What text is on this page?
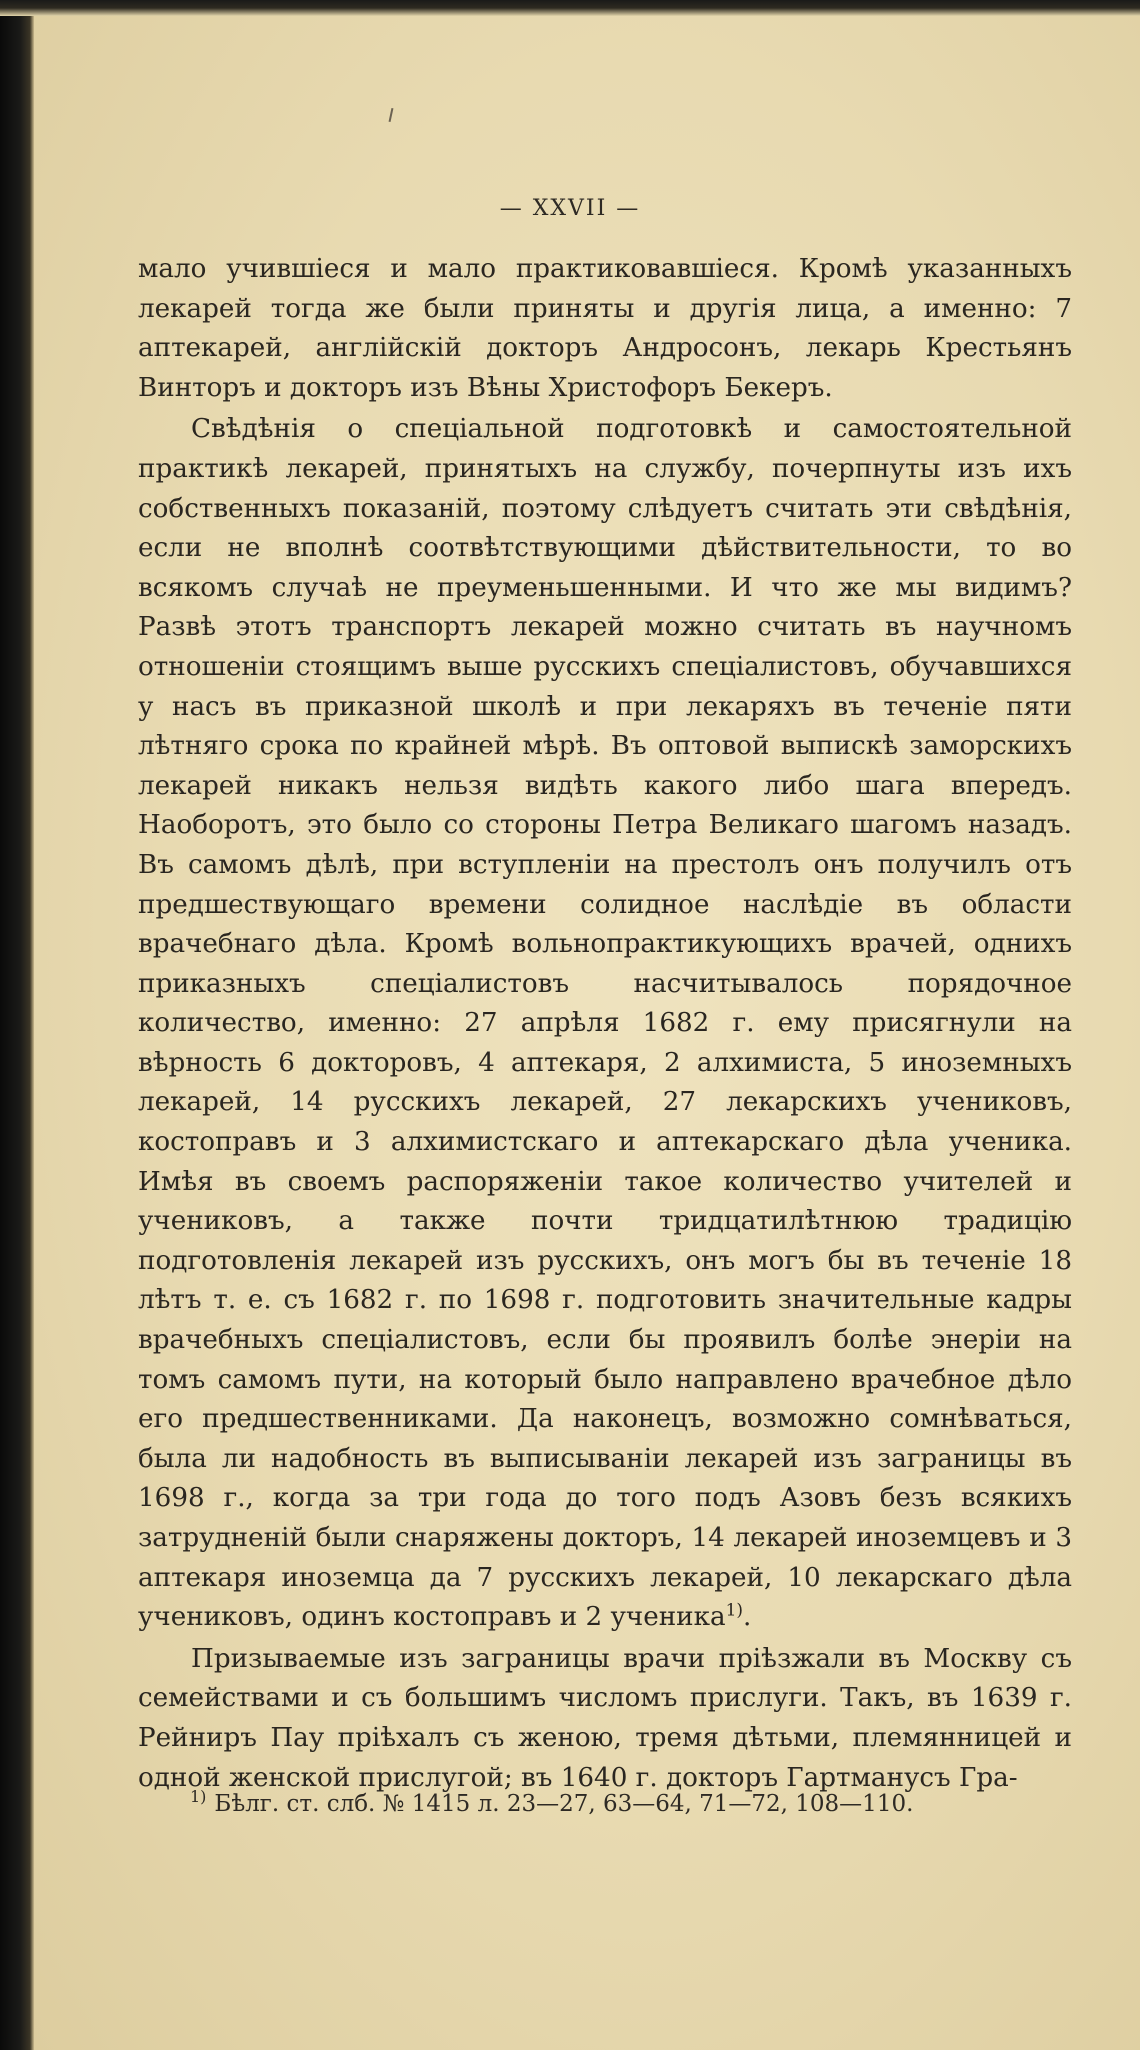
— XXVII —

мало учившіеся и мало практиковавшіеся. Кромѣ указанныхъ лекарей тогда же были приняты и другія лица, а именно: 7 аптекарей, англійскій докторъ Андросонъ, лекарь Крестьянъ Винторъ и докторъ изъ Вѣны Христофоръ Бекеръ.

Свѣдѣнія о спеціальной подготовкѣ и самостоятельной практикѣ лекарей, принятыхъ на службу, почерпнуты изъ ихъ собственныхъ показаній, поэтому слѣдуетъ считать эти свѣдѣнія, если не вполнѣ соотвѣтствующими дѣйствительности, то во всякомъ случаѣ не преуменьшенными. И что же мы видимъ? Развѣ этотъ транспортъ лекарей можно считать въ научномъ отношеніи стоящимъ выше русскихъ спеціалистовъ, обучавшихся у насъ въ приказной школѣ и при лекаряхъ въ теченіе пяти лѣтняго срока по крайней мѣрѣ. Въ оптовой выпискѣ заморскихъ лекарей никакъ нельзя видѣть какого либо шага впередъ. Наоборотъ, это было со стороны Петра Великаго шагомъ назадъ. Въ самомъ дѣлѣ, при вступленіи на престолъ онъ получилъ отъ предшествующаго времени солидное наслѣдіе въ области врачебнаго дѣла. Кромѣ вольнопрактикующихъ врачей, однихъ приказныхъ спеціалистовъ насчитывалось порядочное количество, именно: 27 апрѣля 1682 г. ему присягнули на вѣрность 6 докторовъ, 4 аптекаря, 2 алхимиста, 5 иноземныхъ лекарей, 14 русскихъ лекарей, 27 лекарскихъ учениковъ, костоправъ и 3 алхимистскаго и аптекарскаго дѣла ученика. Имѣя въ своемъ распоряженіи такое количество учителей и учениковъ, а также почти тридцатилѣтнюю традицію подготовленія лекарей изъ русскихъ, онъ могъ бы въ теченіе 18 лѣтъ т. е. съ 1682 г. по 1698 г. подготовить значительные кадры врачебныхъ спеціалистовъ, если бы проявилъ болѣе энеріи на томъ самомъ пути, на который было направлено врачебное дѣло его предшественниками. Да наконецъ, возможно сомнѣваться, была ли надобность въ выписываніи лекарей изъ заграницы въ 1698 г., когда за три года до того подъ Азовъ безъ всякихъ затрудненій были снаряжены докторъ, 14 лекарей иноземцевъ и 3 аптекаря иноземца да 7 русскихъ лекарей, 10 лекарскаго дѣла учениковъ, одинъ костоправъ и 2 ученика$^{1)}$.

Призываемые изъ заграницы врачи пріѣзжали въ Москву съ семействами и съ большимъ числомъ прислуги. Такъ, въ 1639 г. Рейниръ Пау пріѣхалъ съ женою, тремя дѣтьми, племянницей и одной женской прислугой; въ 1640 г. докторъ Гартманусъ Гра-

$^{1)}$ Бѣлг. ст. слб. № 1415 л. 23—27, 63—64, 71—72, 108—110.
